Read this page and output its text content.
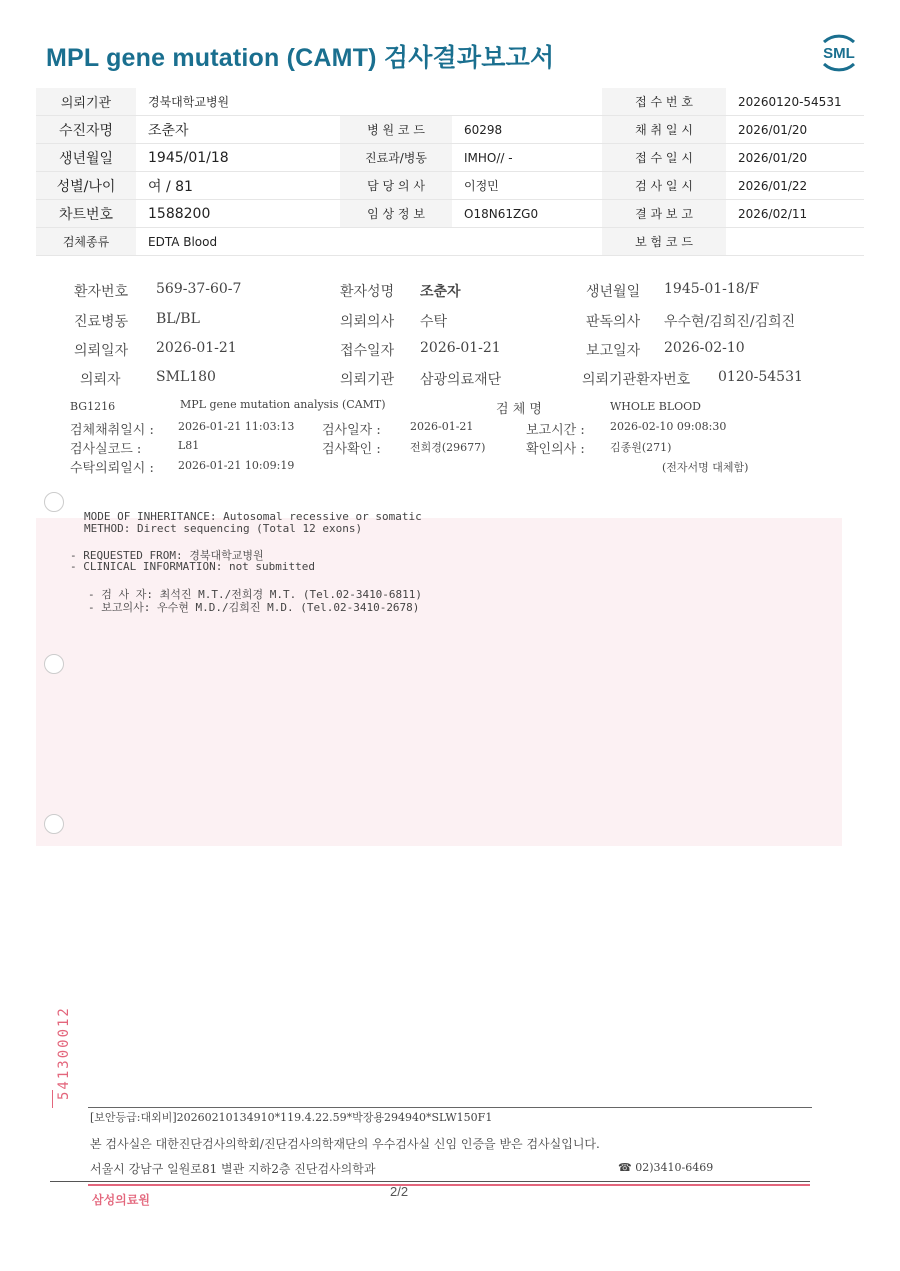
MPL gene mutation (CAMT) 검사결과보고서	SML
의뢰기관	경북대학교병원	접 수 번 호	20260120-54531
수진자명	조춘자	병 원 코 드	60298	채 취 일 시	2026/01/20
생년월일	1945/01/18	진료과/병동	IMHO// -	접 수 일 시	2026/01/20
성별/나이	여 / 81	담 당 의 사	이정민	검 사 일 시	2026/01/22
차트번호	1588200	임 상 정 보	O18N61ZG0	결 과 보 고	2026/02/11
검체종류	EDTA Blood	보 험 코 드
환자번호 569-37-60-7	환자성명 조춘자	생년월일 1945-01-18/F
진료병동 BL/BL	의뢰의사 수탁	판독의사 우수현/김희진/김희진
의뢰일자 2026-01-21	접수일자 2026-01-21	보고일자 2026-02-10
의뢰자	SML180	의뢰기관 삼광의료재단	의뢰기관환자번호 0120-54531
BG1216	MPL gene mutation analysis (CAMT)	검 체 명	WHOLE BLOOD
검체채취일시 : 2026-01-21 11:03:13 검사일자 :	2026-01-21	보고시간 : 2026-02-10 09:08:30
검사실코드 :	L81	검사확인 :	전희경(29677)	확인의사 : 김종원(271)
수탁의뢰일시 : 2026-01-21 10:09:19	(전자서명 대체함)
MODE OF INHERITANCE: Autosomal recessive or somatic
METHOD: Direct sequencing (Total 12 exons)
- REQUESTED FROM: 경북대학교병원
- CLINICAL INFORMATION: not submitted
- 검 사 자: 최석진 M.T./전희경 M.T. (Tel.02-3410-6811)
- 보고의사: 우수현 M.D./김희진 M.D. (Tel.02-3410-2678)
541300012
[보안등급:대외비]20260210134910*119.4.22.59*박장용294940*SLW150F1
본 검사실은 대한진단검사의학회/진단검사의학재단의 우수검사실 신임 인증을 받은 검사실입니다.
서울시 강남구 일원로81 별관 지하2층 진단검사의학과	☎ 02)3410-6469
삼성의료원
2/2
